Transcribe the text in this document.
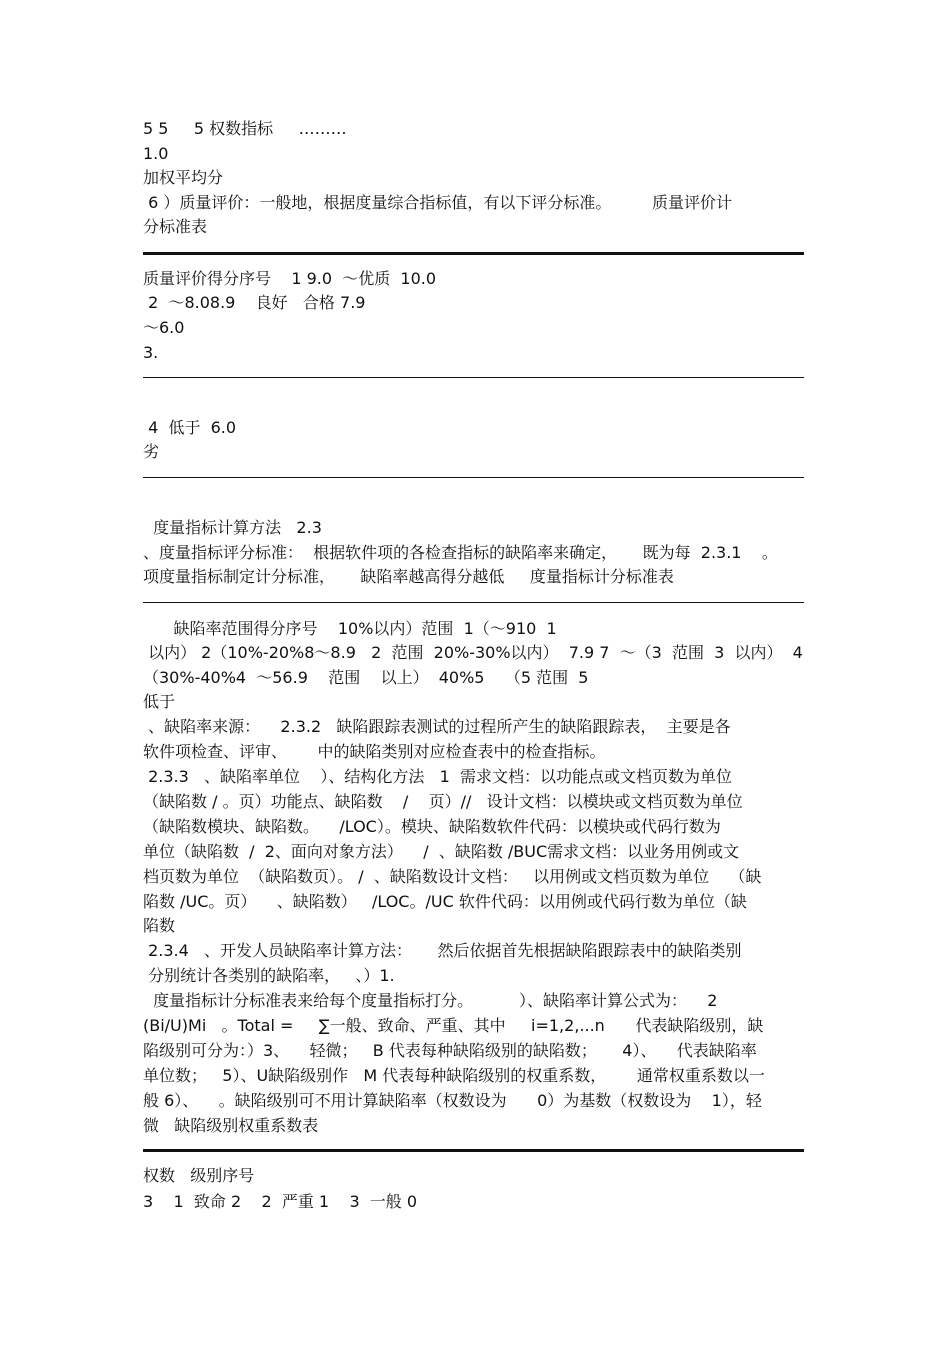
5 5     5 权数指标     ………
1.0
加权平均分
6 ）质量评价：一般地，根据度量综合指标值，有以下评分标准。        质量评价计
分标准表
质量评价得分序号    1 9.0  ～优质  10.0
2  ～8.08.9    良好   合格 7.9
～6.0
3.
4  低于  6.0
劣
度量指标计算方法   2.3
、度量指标评分标准：  根据软件项的各检查指标的缺陷率来确定，     既为每  2.3.1    。
项度量指标制定计分标准，     缺陷率越高得分越低     度量指标计分标准表
缺陷率范围得分序号    10%以内）范围  1（～910  1
以内） 2（10%-20%8～8.9   2  范围  20%-30%以内）  7.9 7  ～（3  范围  3  以内）  4
（30%-40%4  ～56.9    范围    以上）  40%5    （5 范围  5
低于
、缺陷率来源：    2.3.2   缺陷跟踪表测试的过程所产生的缺陷跟踪表，  主要是各
软件项检查、评审、      中的缺陷类别对应检查表中的检查指标。
2.3.3   、缺陷率单位    ）、结构化方法   1  需求文档：以功能点或文档页数为单位
（缺陷数 / 。页）功能点、缺陷数    /    页）//   设计文档：以模块或文档页数为单位
（缺陷数模块、缺陷数。    /LOC）。模块、缺陷数软件代码：以模块或代码行数为
单位（缺陷数  /  2、面向对象方法）    /  、缺陷数 /BUC需求文档：以业务用例或文
档页数为单位  （缺陷数页）。 /  、缺陷数设计文档：   以用例或文档页数为单位    （缺
陷数 /UC。页）    、缺陷数）   /LOC。/UC 软件代码：以用例或代码行数为单位（缺
陷数
2.3.4   、开发人员缺陷率计算方法：     然后依据首先根据缺陷跟踪表中的缺陷类别
分别统计各类别的缺陷率，   、）1.
度量指标计分标准表来给每个度量指标打分。         ）、缺陷率计算公式为：    2
(Bi/U)Mi   。Total =     ∑一般、致命、严重、其中     i=1,2,...n      代表缺陷级别，缺
陷级别可分为：）3、    轻微；   B 代表每种缺陷级别的缺陷数；     4）、    代表缺陷率
单位数；   5）、U缺陷级别作   M 代表每种缺陷级别的权重系数，      通常权重系数以一
般 6）、    。缺陷级别可不用计算缺陷率（权数设为      0）为基数（权数设为    1），轻
微   缺陷级别权重系数表
权数   级别序号
3    1  致命 2    2  严重 1    3  一般 0
